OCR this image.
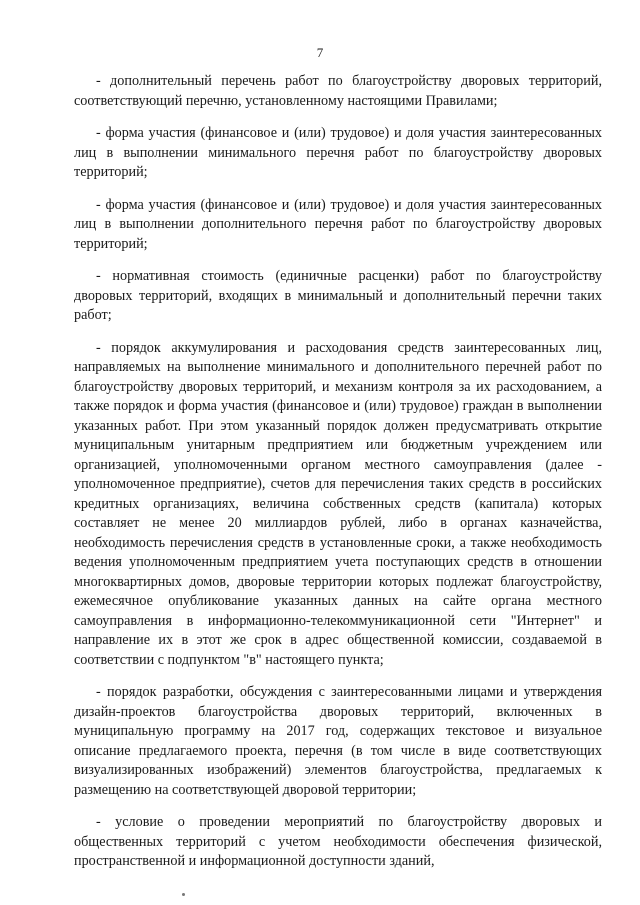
7

- дополнительный перечень работ по благоустройству дворовых территорий, соответствующий перечню, установленному настоящими Правилами;

- форма участия (финансовое и (или) трудовое) и доля участия заинтересованных лиц в выполнении минимального перечня работ по благоустройству дворовых территорий;

- форма участия (финансовое и (или) трудовое) и доля участия заинтересованных лиц в выполнении дополнительного перечня работ по благоустройству дворовых территорий;

- нормативная стоимость (единичные расценки) работ по благоустройству дворовых территорий, входящих в минимальный и дополнительный перечни таких работ;

- порядок аккумулирования и расходования средств заинтересованных лиц, направляемых на выполнение минимального и дополнительного перечней работ по благоустройству дворовых территорий, и механизм контроля за их расходованием, а также порядок и форма участия (финансовое и (или) трудовое) граждан в выполнении указанных работ. При этом указанный порядок должен предусматривать открытие муниципальным унитарным предприятием или бюджетным учреждением или организацией, уполномоченными органом местного самоуправления (далее - уполномоченное предприятие), счетов для перечисления таких средств в российских кредитных организациях, величина собственных средств (капитала) которых составляет не менее 20 миллиардов рублей, либо в органах казначейства, необходимость перечисления средств в установленные сроки, а также необходимость ведения уполномоченным предприятием учета поступающих средств в отношении многоквартирных домов, дворовые территории которых подлежат благоустройству, ежемесячное опубликование указанных данных на сайте органа местного самоуправления в информационно-телекоммуникационной сети "Интернет" и направление их в этот же срок в адрес общественной комиссии, создаваемой в соответствии с подпунктом "в" настоящего пункта;

- порядок разработки, обсуждения с заинтересованными лицами и утверждения дизайн-проектов благоустройства дворовых территорий, включенных в муниципальную программу на 2017 год, содержащих текстовое и визуальное описание предлагаемого проекта, перечня (в том числе в виде соответствующих визуализированных изображений) элементов благоустройства, предлагаемых к размещению на соответствующей дворовой территории;

- условие о проведении мероприятий по благоустройству дворовых и общественных территорий с учетом необходимости обеспечения физической, пространственной и информационной доступности зданий,
